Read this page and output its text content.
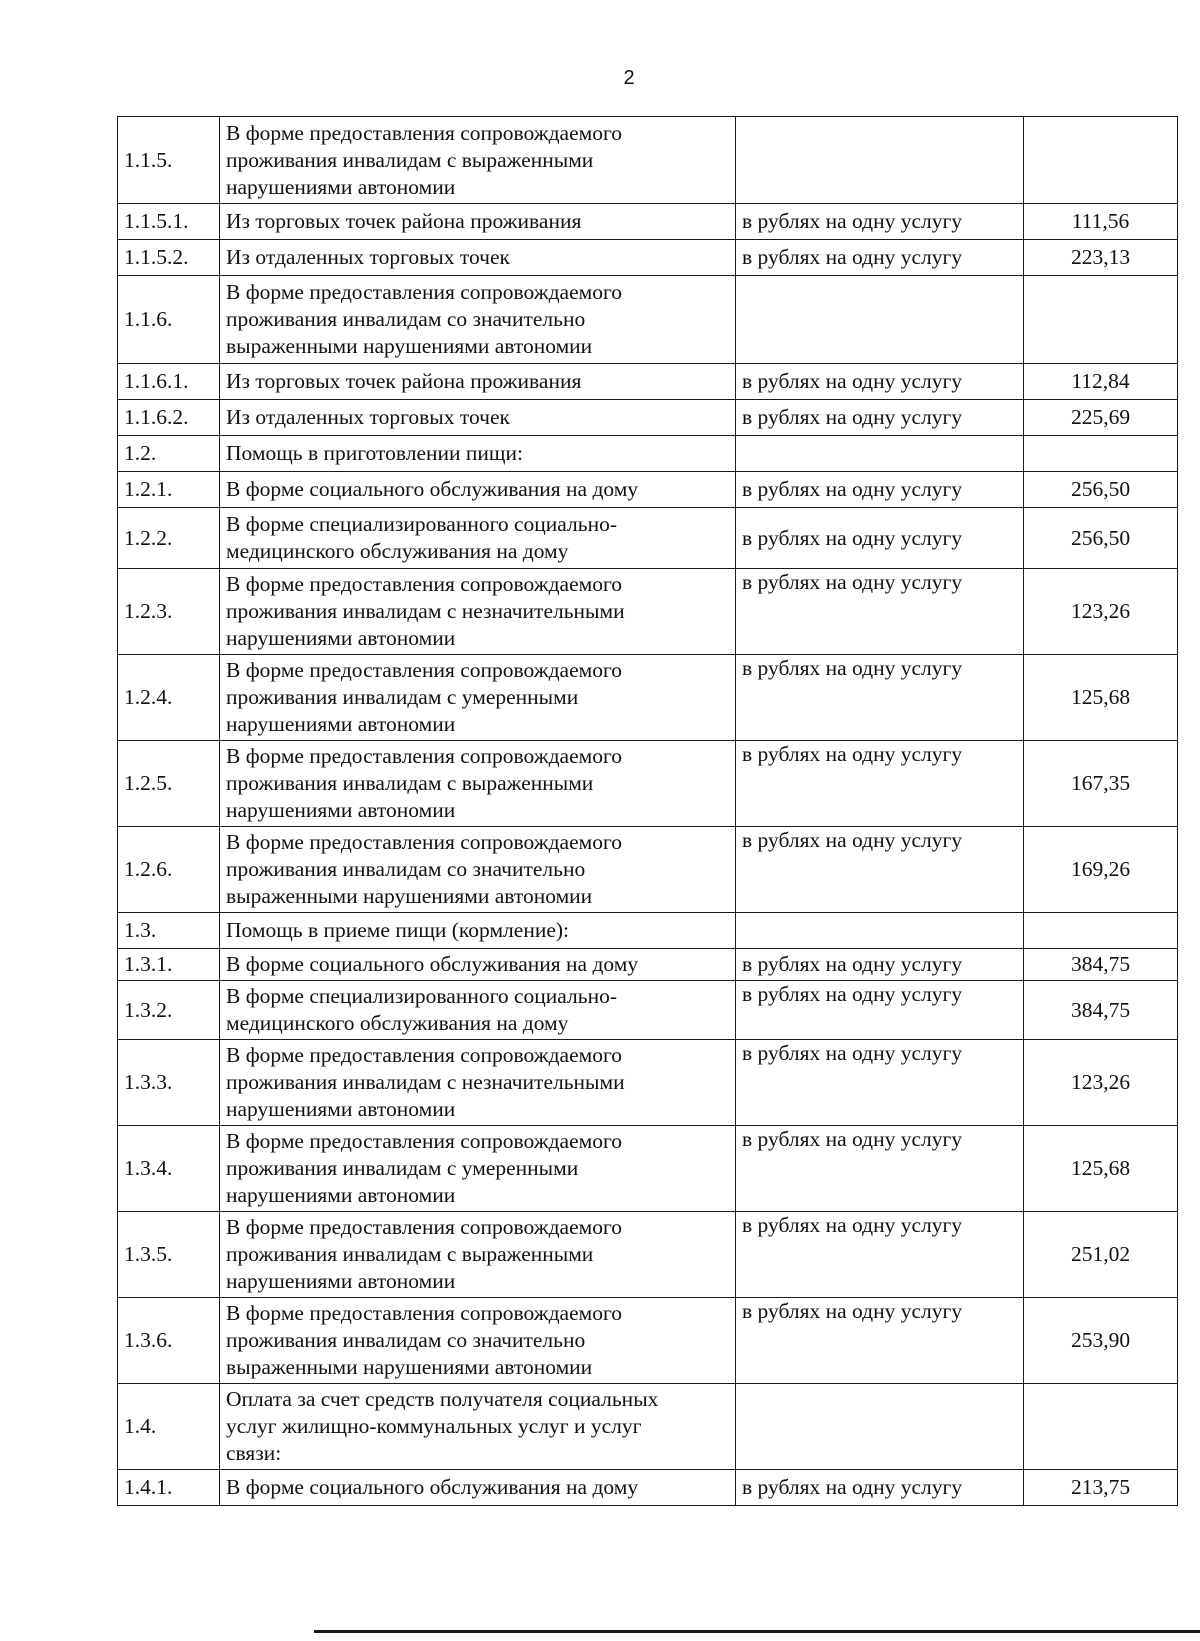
2
1.1.5.	В форме предоставления сопровождаемого
проживания инвалидам с выраженными
нарушениями автономии		

1.1.5.1.	Из торговых точек района проживания	в рублях на одну услугу	111,56
1.1.5.2.	Из отдаленных торговых точек	в рублях на одну услугу	223,13
1.1.6.	В форме предоставления сопровождаемого
проживания инвалидам со значительно
выраженными нарушениями автономии		

1.1.6.1.	Из торговых точек района проживания	в рублях на одну услугу	112,84
1.1.6.2.	Из отдаленных торговых точек	в рублях на одну услугу	225,69
1.2.	Помощь в приготовлении пищи:		

1.2.1.	В форме социального обслуживания на дому	в рублях на одну услугу	256,50
1.2.2.	В форме специализированного социально-
медицинского обслуживания на дому	в рублях на одну услугу	256,50
1.2.3.	В форме предоставления сопровождаемого
проживания инвалидам с незначительными
нарушениями автономии	в рублях на одну услугу	123,26
1.2.4.	В форме предоставления сопровождаемого
проживания инвалидам с умеренными
нарушениями автономии	в рублях на одну услугу	125,68
1.2.5.	В форме предоставления сопровождаемого
проживания инвалидам с выраженными
нарушениями автономии	в рублях на одну услугу	167,35
1.2.6.	В форме предоставления сопровождаемого
проживания инвалидам со значительно
выраженными нарушениями автономии	в рублях на одну услугу	169,26
1.3.	Помощь в приеме пищи (кормление):		

1.3.1.	В форме социального обслуживания на дому	в рублях на одну услугу	384,75
1.3.2.	В форме специализированного социально-
медицинского обслуживания на дому	в рублях на одну услугу	384,75
1.3.3.	В форме предоставления сопровождаемого
проживания инвалидам с незначительными
нарушениями автономии	в рублях на одну услугу	123,26
1.3.4.	В форме предоставления сопровождаемого
проживания инвалидам с умеренными
нарушениями автономии	в рублях на одну услугу	125,68
1.3.5.	В форме предоставления сопровождаемого
проживания инвалидам с выраженными
нарушениями автономии	в рублях на одну услугу	251,02
1.3.6.	В форме предоставления сопровождаемого
проживания инвалидам со значительно
выраженными нарушениями автономии	в рублях на одну услугу	253,90
1.4.	Оплата за счет средств получателя социальных
услуг жилищно-коммунальных услуг и услуг
связи:		

1.4.1.	В форме социального обслуживания на дому	в рублях на одну услугу	213,75
